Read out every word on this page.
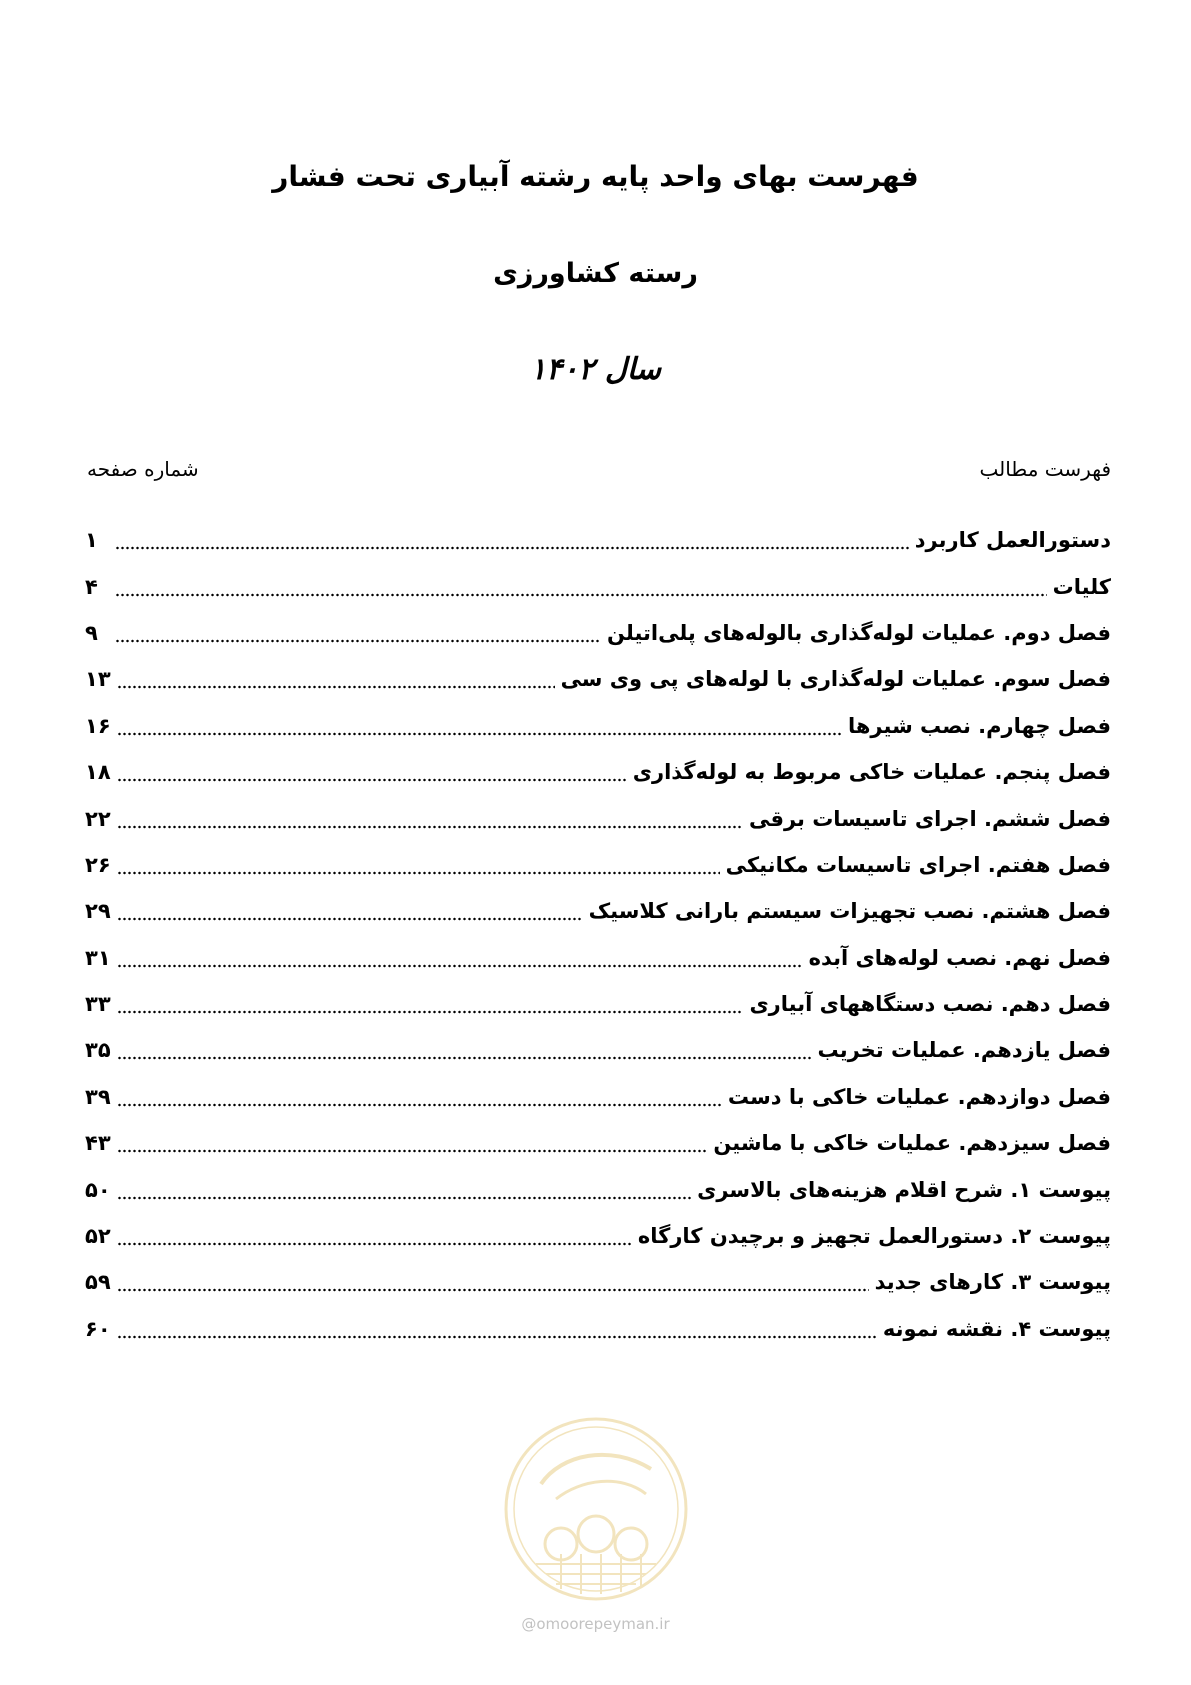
فهرست بهای واحد پایه رشته آبیاری تحت فشار
رسته کشاورزی
سال ۱۴۰۲
فهرست مطالب
شماره صفحه
دستورالعمل کاربرد
۱
کلیات
۴
فصل دوم. عملیات لوله‌گذاری بالوله‌های پلی‌اتیلن
۹
فصل سوم. عملیات لوله‌گذاری با لوله‌های پی وی سی
۱۳
فصل چهارم. نصب شیرها
۱۶
فصل پنجم. عملیات خاکی مربوط به لوله‌گذاری
۱۸
فصل ششم. اجرای تاسیسات برقی
۲۲
فصل هفتم. اجرای تاسیسات مکانیکی
۲۶
فصل هشتم. نصب تجهیزات سیستم بارانی کلاسیک
۲۹
فصل نهم. نصب لوله‌های آبده
۳۱
فصل دهم. نصب دستگاههای آبیاری
۳۳
فصل یازدهم. عملیات تخریب
۳۵
فصل دوازدهم. عملیات خاکی با دست
۳۹
فصل سیزدهم. عملیات خاکی با ماشین
۴۳
پیوست ۱. شرح اقلام هزینه‌های بالاسری
۵۰
پیوست ۲. دستورالعمل تجهیز و برچیدن کارگاه
۵۲
پیوست ۳. کارهای جدید
۵۹
پیوست ۴. نقشه نمونه
۶۰
@omoorepeyman.ir
